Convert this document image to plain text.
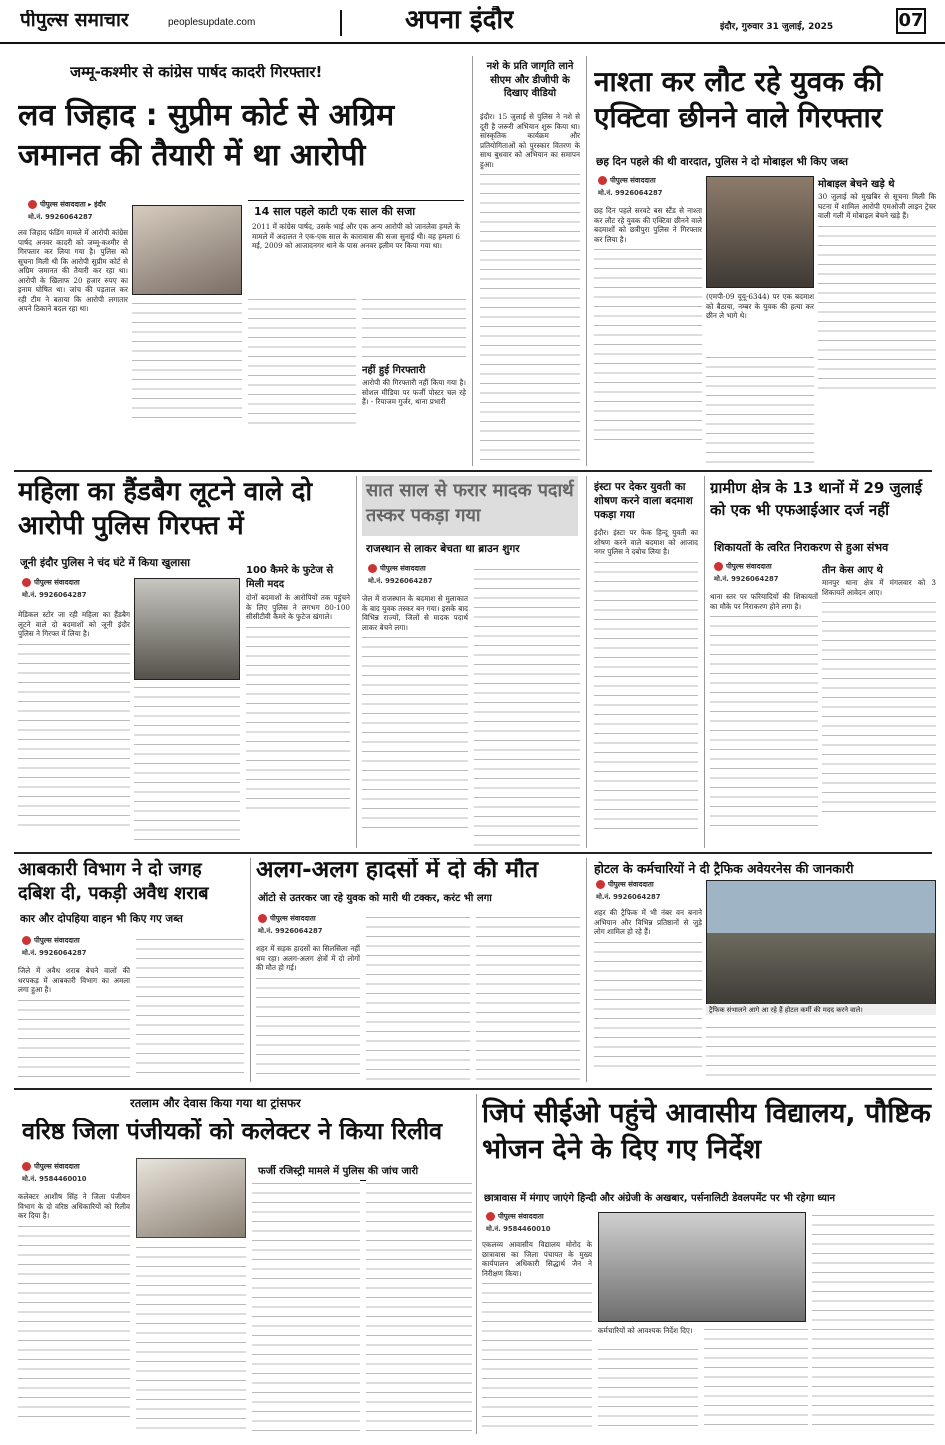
पीपुल्स समाचार	peoplesupdate.com	अपना इंदौर	इंदौर, गुरुवार 31 जुलाई, 2025	07
जम्मू-कश्मीर से कांग्रेस पार्षद कादरी गिरफ्तार!
लव जिहाद : सुप्रीम कोर्ट से अग्रिम जमानत की तैयारी में था आरोपी
पीपुल्स संवाददाता ▸ इंदौर
मो.नं. 9926064287
लव जिहाद फंडिंग मामले में आरोपी कांग्रेस पार्षद अनवर कादरी को जम्मू-कश्मीर से गिरफ्तार कर लिया गया है। पुलिस को सूचना मिली थी कि आरोपी सुप्रीम कोर्ट से अग्रिम जमानत की तैयारी कर रहा था। आरोपी के खिलाफ 20 हजार रुपए का इनाम घोषित था। जांच की पड़ताल कर रही टीम ने बताया कि आरोपी लगातार अपने ठिकाने बदल रहा था।
14 साल पहले काटी एक साल की सजा
2011 में कांग्रेस पार्षद, उसके भाई और एक अन्य आरोपी को जानलेवा हमले के मामले में अदालत ने एक-एक साल के कारावास की सजा सुनाई थी। वह हमला 6 मई, 2009 को आजादनगर थाने के पास अनवर इलीम पर किया गया था।
नहीं हुई गिरफ्तारी
आरोपी की गिरफ्तारी नहीं किया गया है। सोशल मीडिया पर फर्जी पोस्टर चल रहे हैं। - रियाजम गुर्जर, थाना प्रभारी
नशे के प्रति जागृति लाने सीएम और डीजीपी के दिखाए वीडियो
इंदौर। 15 जुलाई से पुलिस ने नशे से दूरी है जरूरी अभियान शुरू किया था। सांस्कृतिक कार्यक्रम और प्रतियोगिताओं को पुरस्कार वितरण के साथ बुधवार को अभियान का समापन हुआ।
नाश्ता कर लौट रहे युवक की एक्टिवा छीनने वाले गिरफ्तार
छह दिन पहले की थी वारदात, पुलिस ने दो मोबाइल भी किए जब्त
पीपुल्स संवाददाता
मो.नं. 9926064287
छह दिन पहले सरवटे बस स्टैंड से नाश्ता कर लौट रहे युवक की एक्टिवा छीनने वाले बदमाशों को छत्रीपुरा पुलिस ने गिरफ्तार कर लिया है।
(एमपी-09 यूयू-6344) पर एक बदमाश को बैठाया, नम्बर के युवक की हत्या कर छीन ले भागे थे।
मोबाइल बेचने खड़े थे
30 जुलाई को मुखबिर से सूचना मिली कि घटना में शामिल आरोपी एमओजी लाइन ट्रेचर वाली गली में मोबाइल बेचने खड़े हैं।
महिला का हैंडबैग लूटने वाले दो आरोपी पुलिस गिरफ्त में
जूनी इंदौर पुलिस ने चंद घंटे में किया खुलासा
पीपुल्स संवाददाता
मो.नं. 9926064287
मेडिकल स्टोर जा रही महिला का हैंडबैग लूटने वाले दो बदमाशों को जूनी इंदौर पुलिस ने गिरफ्त में लिया है।
100 कैमरे के फुटेज से मिली मदद
दोनों बदमाशों के आरोपियों तक पहुंचने के लिए पुलिस ने लगभग 80-100 सीसीटीवी कैमरे के फुटेज खंगाले।
सात साल से फरार मादक पदार्थ तस्कर पकड़ा गया
राजस्थान से लाकर बेचता था ब्राउन शुगर
पीपुल्स संवाददाता
मो.नं. 9926064287
जेल में राजस्थान के बदमाश से मुलाकात के बाद युवक तस्कर बन गया। इसके बाद विभिन्न राज्यों, जिलों से मादक पदार्थ लाकर बेचने लगा।
इंस्टा पर देकर युवती का शोषण करने वाला बदमाश पकड़ा गया
इंदौर। इंस्टा पर फेक हिन्दू युवती का शोषण करने वाले बदमाश को आजाद नगर पुलिस ने दबोच लिया है।
ग्रामीण क्षेत्र के 13 थानों में 29 जुलाई को एक भी एफआईआर दर्ज नहीं
शिकायतों के त्वरित निराकरण से हुआ संभव
पीपुल्स संवाददाता
मो.नं. 9926064287
थाना स्तर पर फरियादियों की शिकायतों का मौके पर निराकरण होने लगा है।
तीन केस आए थे
मानपुर थाना क्षेत्र में मंगलवार को 3 शिकायतें आवेदन आए।
आबकारी विभाग ने दो जगह दबिश दी, पकड़ी अवैध शराब
कार और दोपहिया वाहन भी किए गए जब्त
पीपुल्स संवाददाता
मो.नं. 9926064287
जिले में अवैध शराब बेचने वालों की धरपकड़ में आबकारी विभाग का अमला लगा हुआ है।
अलग-अलग हादसों में दो की मौत
ऑटो से उतरकर जा रहे युवक को मारी थी टक्कर, करंट भी लगा
पीपुल्स संवाददाता
मो.नं. 9926064287
शहर में सड़क हादसों का सिलसिला नहीं थम रहा। अलग-अलग क्षेत्रों में दो लोगों की मौत हो गई।
होटल के कर्मचारियों ने दी ट्रैफिक अवेयरनेस की जानकारी
पीपुल्स संवाददाता
मो.नं. 9926064287
शहर की ट्रैफिक में भी नंबर वन बनाने अभियान और विभिन्न प्रतिष्ठानों से जुड़े लोग शामिल हो रहे हैं।
ट्रैफिक संभालने आगे आ रहे हैं होटल कर्मी की मदद करने वाले।
रतलाम और देवास किया गया था ट्रांसफर
वरिष्ठ जिला पंजीयकों को कलेक्टर ने किया रिलीव
पीपुल्स संवाददाता
मो.नं. 9584460010
कलेक्टर आशीष सिंह ने जिला पंजीयन विभाग के दो वरिष्ठ अधिकारियों को रिलीव कर दिया है।
फर्जी रजिस्ट्री मामले में पुलिस की जांच जारी
जिपं सीईओ पहुंचे आवासीय विद्यालय, पौष्टिक भोजन देने के दिए गए निर्देश
छात्रावास में मंगाए जाएंगे हिन्दी और अंग्रेजी के अखबार, पर्सनालिटी डेवलपमेंट पर भी रहेगा ध्यान
पीपुल्स संवाददाता
मो.नं. 9584460010
एकलव्य आवासीय विद्यालय मोरोद के छात्रावास का जिला पंचायत के मुख्य कार्यपालन अधिकारी सिद्धार्थ जैन ने निरीक्षण किया।
कर्मचारियों को आवश्यक निर्देश दिए।
